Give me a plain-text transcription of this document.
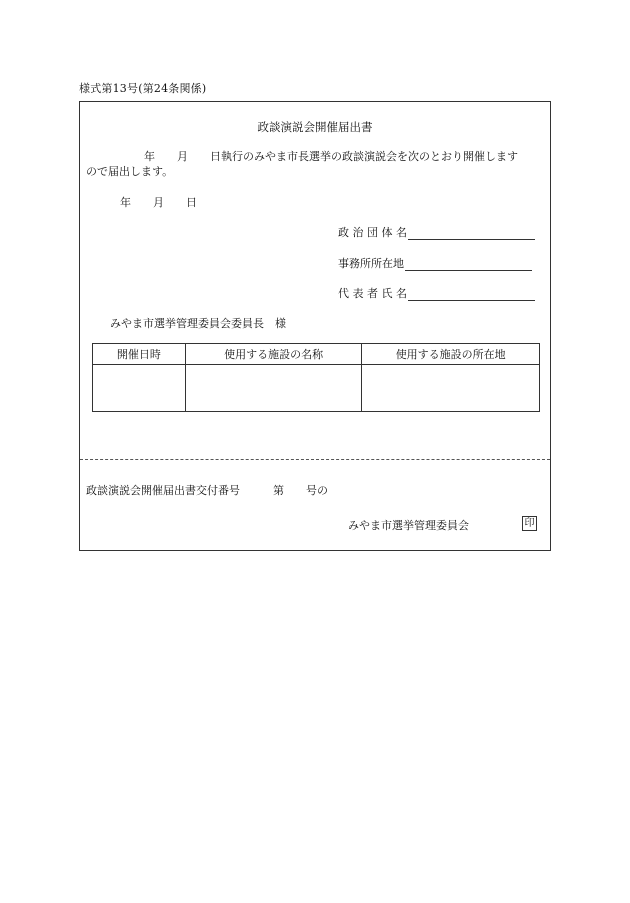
様式第13号(第24条関係)
政談演説会開催届出書
年　　月　　日執行のみやま市長選挙の政談演説会を次のとおり開催します
ので届出します。
年　　月　　日
政 治 団 体 名
事務所所在地
代 表 者 氏 名
みやま市選挙管理委員会委員長　様
開催日時	使用する施設の名称	使用する施設の所在地

政談演説会開催届出書交付番号　　　第　　号の
みやま市選挙管理委員会	印
